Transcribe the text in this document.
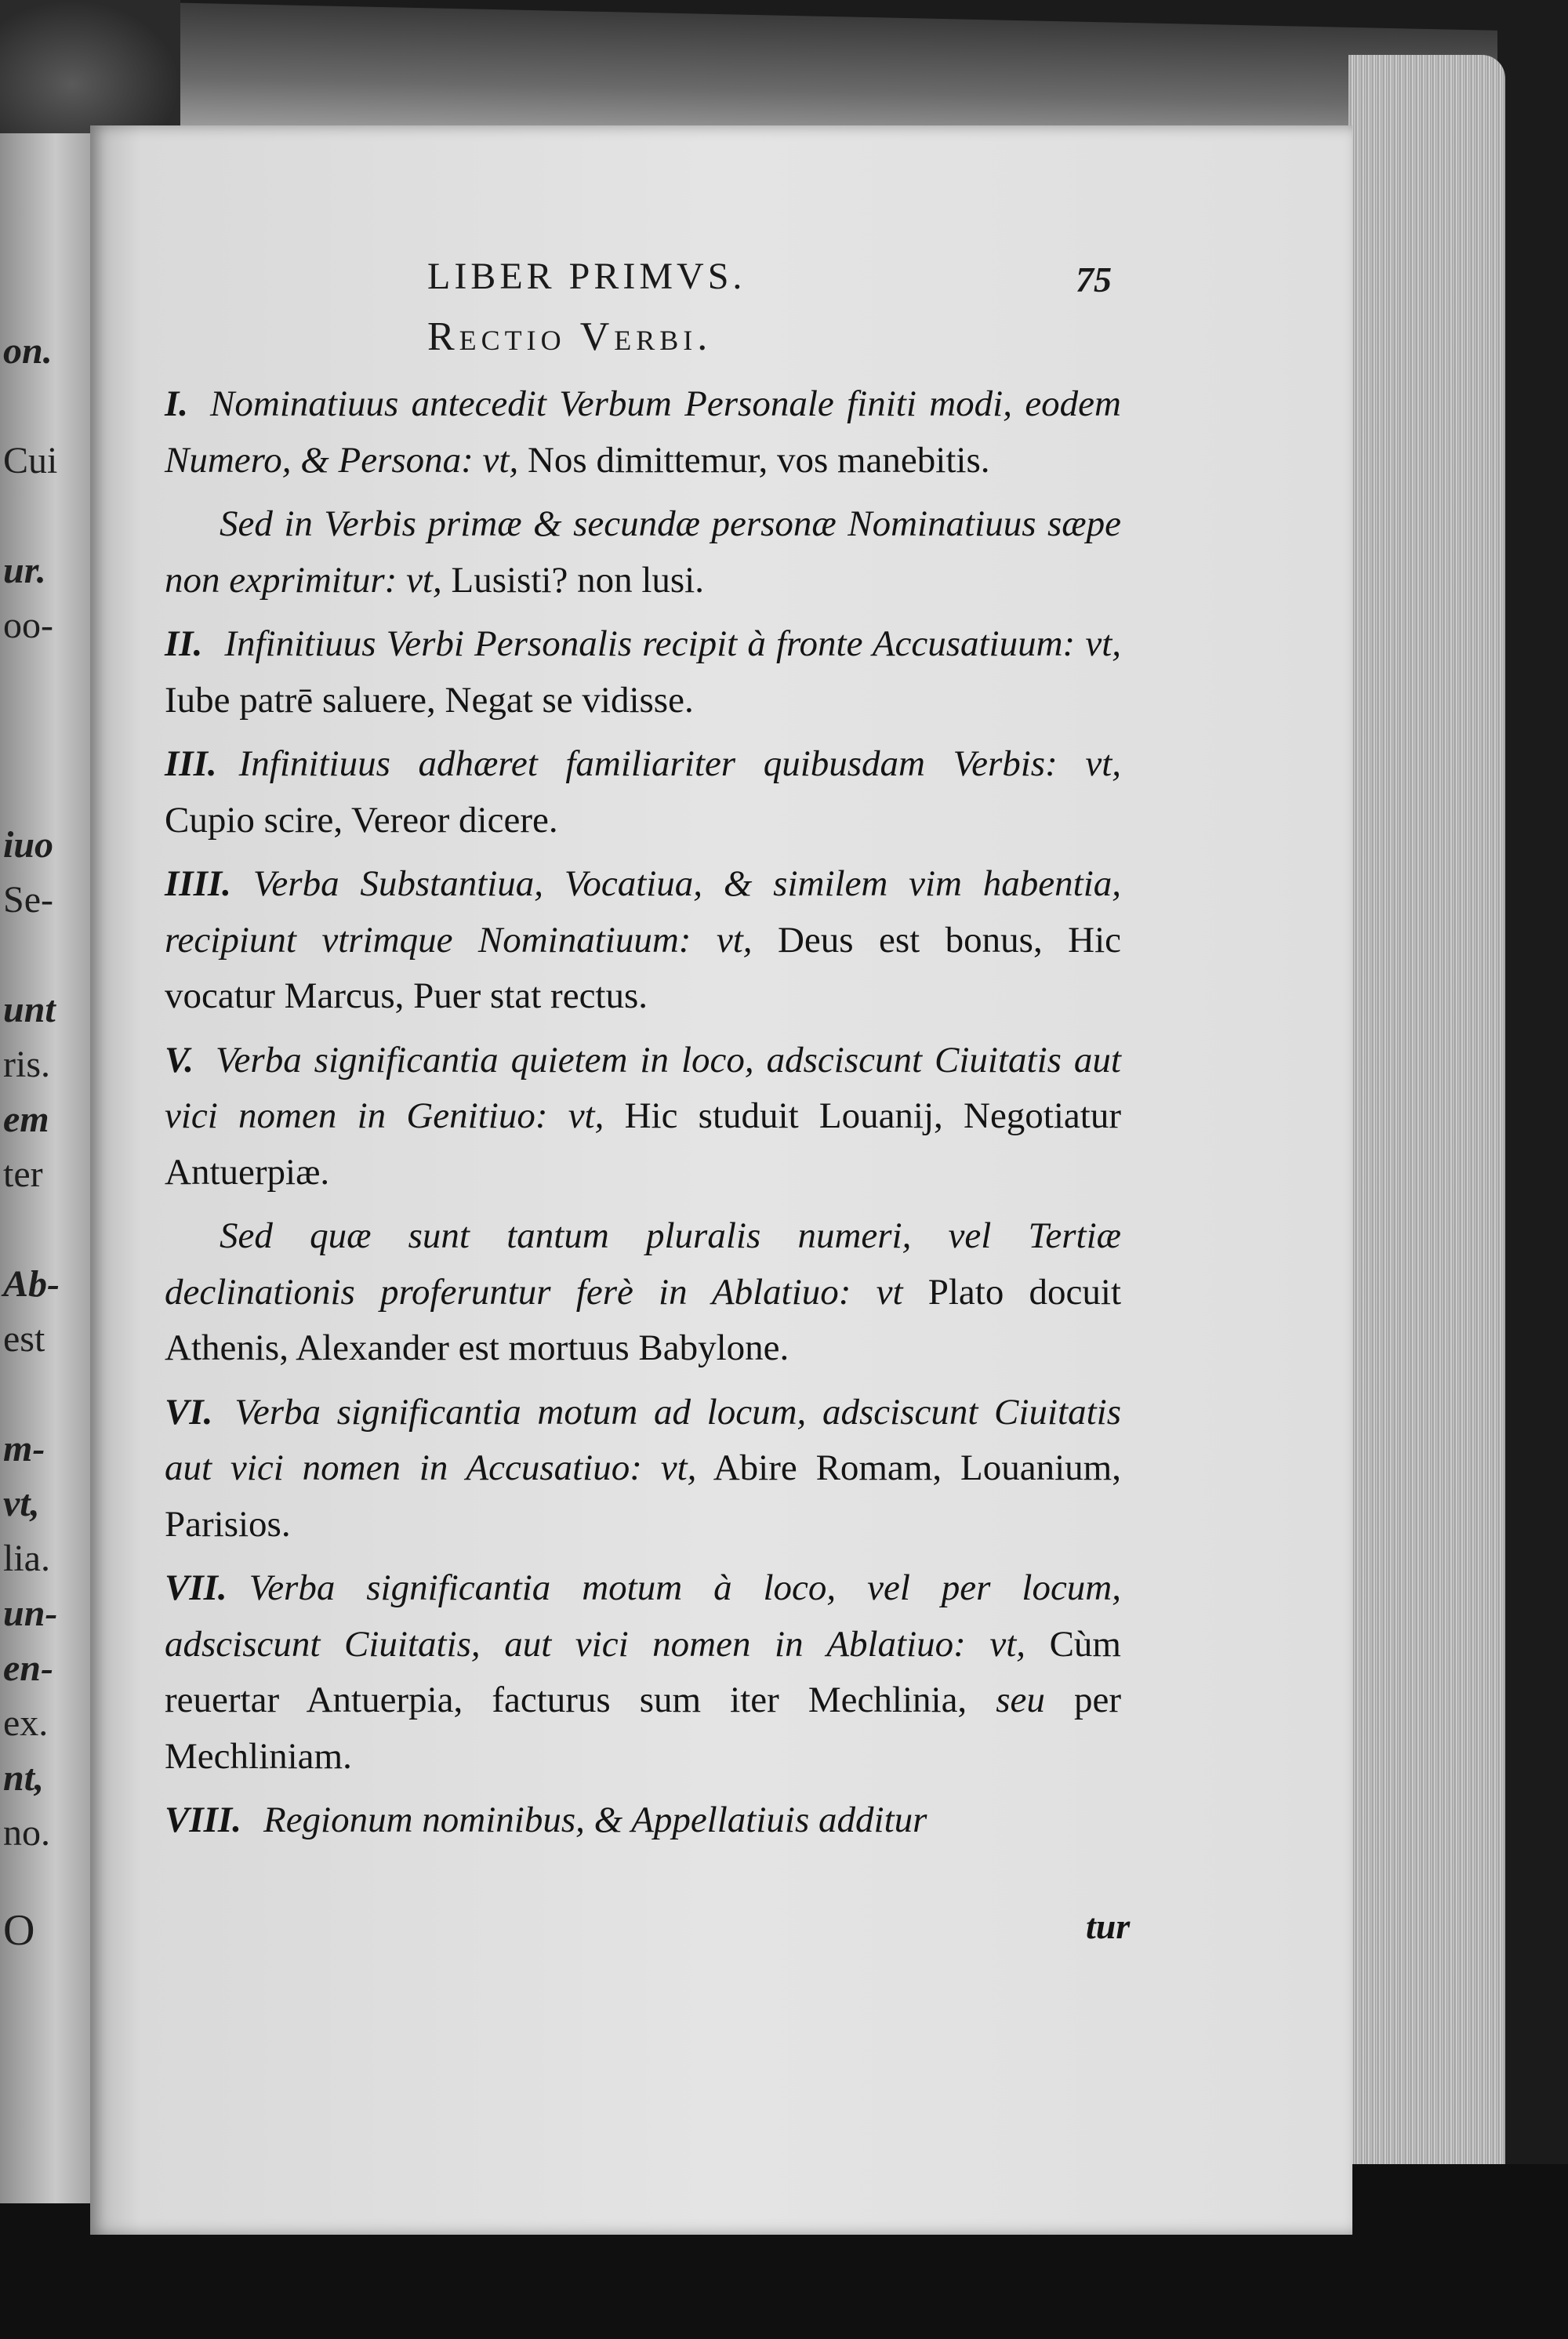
on.
Cui
ur.
oo-
iuo
Se-
unt
ris.
em
ter
Ab-
est
m-
vt,
lia.
un-
en-
ex.
nt,
no.
O
LIBER PRIMVS.	75
Rectio Verbi.

I. Nominatiuus antecedit Verbum Personale finiti modi, eodem Numero, & Persona: vt, Nos dimittemur, vos manebitis.

Sed in Verbis primæ & secundæ personæ Nominatiuus sæpe non exprimitur: vt, Lusisti? non lusi.

II. Infinitiuus Verbi Personalis recipit à fronte Accusatiuum: vt, Iube patrē saluere, Negat se vidisse.

III. Infinitiuus adhæret familiariter quibusdam Verbis: vt, Cupio scire, Vereor dicere.

IIII. Verba Substantiua, Vocatiua, & similem vim habentia, recipiunt vtrimque Nominatiuum: vt, Deus est bonus, Hic vocatur Marcus, Puer stat rectus.

V. Verba significantia quietem in loco, adsciscunt Ciuitatis aut vici nomen in Genitiuo: vt, Hic studuit Louanij, Negotiatur Antuerpiæ.

Sed quæ sunt tantum pluralis numeri, vel Tertiæ declinationis proferuntur ferè in Ablatiuo: vt Plato docuit Athenis, Alexander est mortuus Babylone.

VI. Verba significantia motum ad locum, adsciscunt Ciuitatis aut vici nomen in Accusatiuo: vt, Abire Romam, Louanium, Parisios.

VII. Verba significantia motum à loco, vel per locum, adsciscunt Ciuitatis, aut vici nomen in Ablatiuo: vt, Cùm reuertar Antuerpia, facturus sum iter Mechlinia, seu per Mechliniam.

VIII. Regionum nominibus, & Appellatiuis additur

tur
